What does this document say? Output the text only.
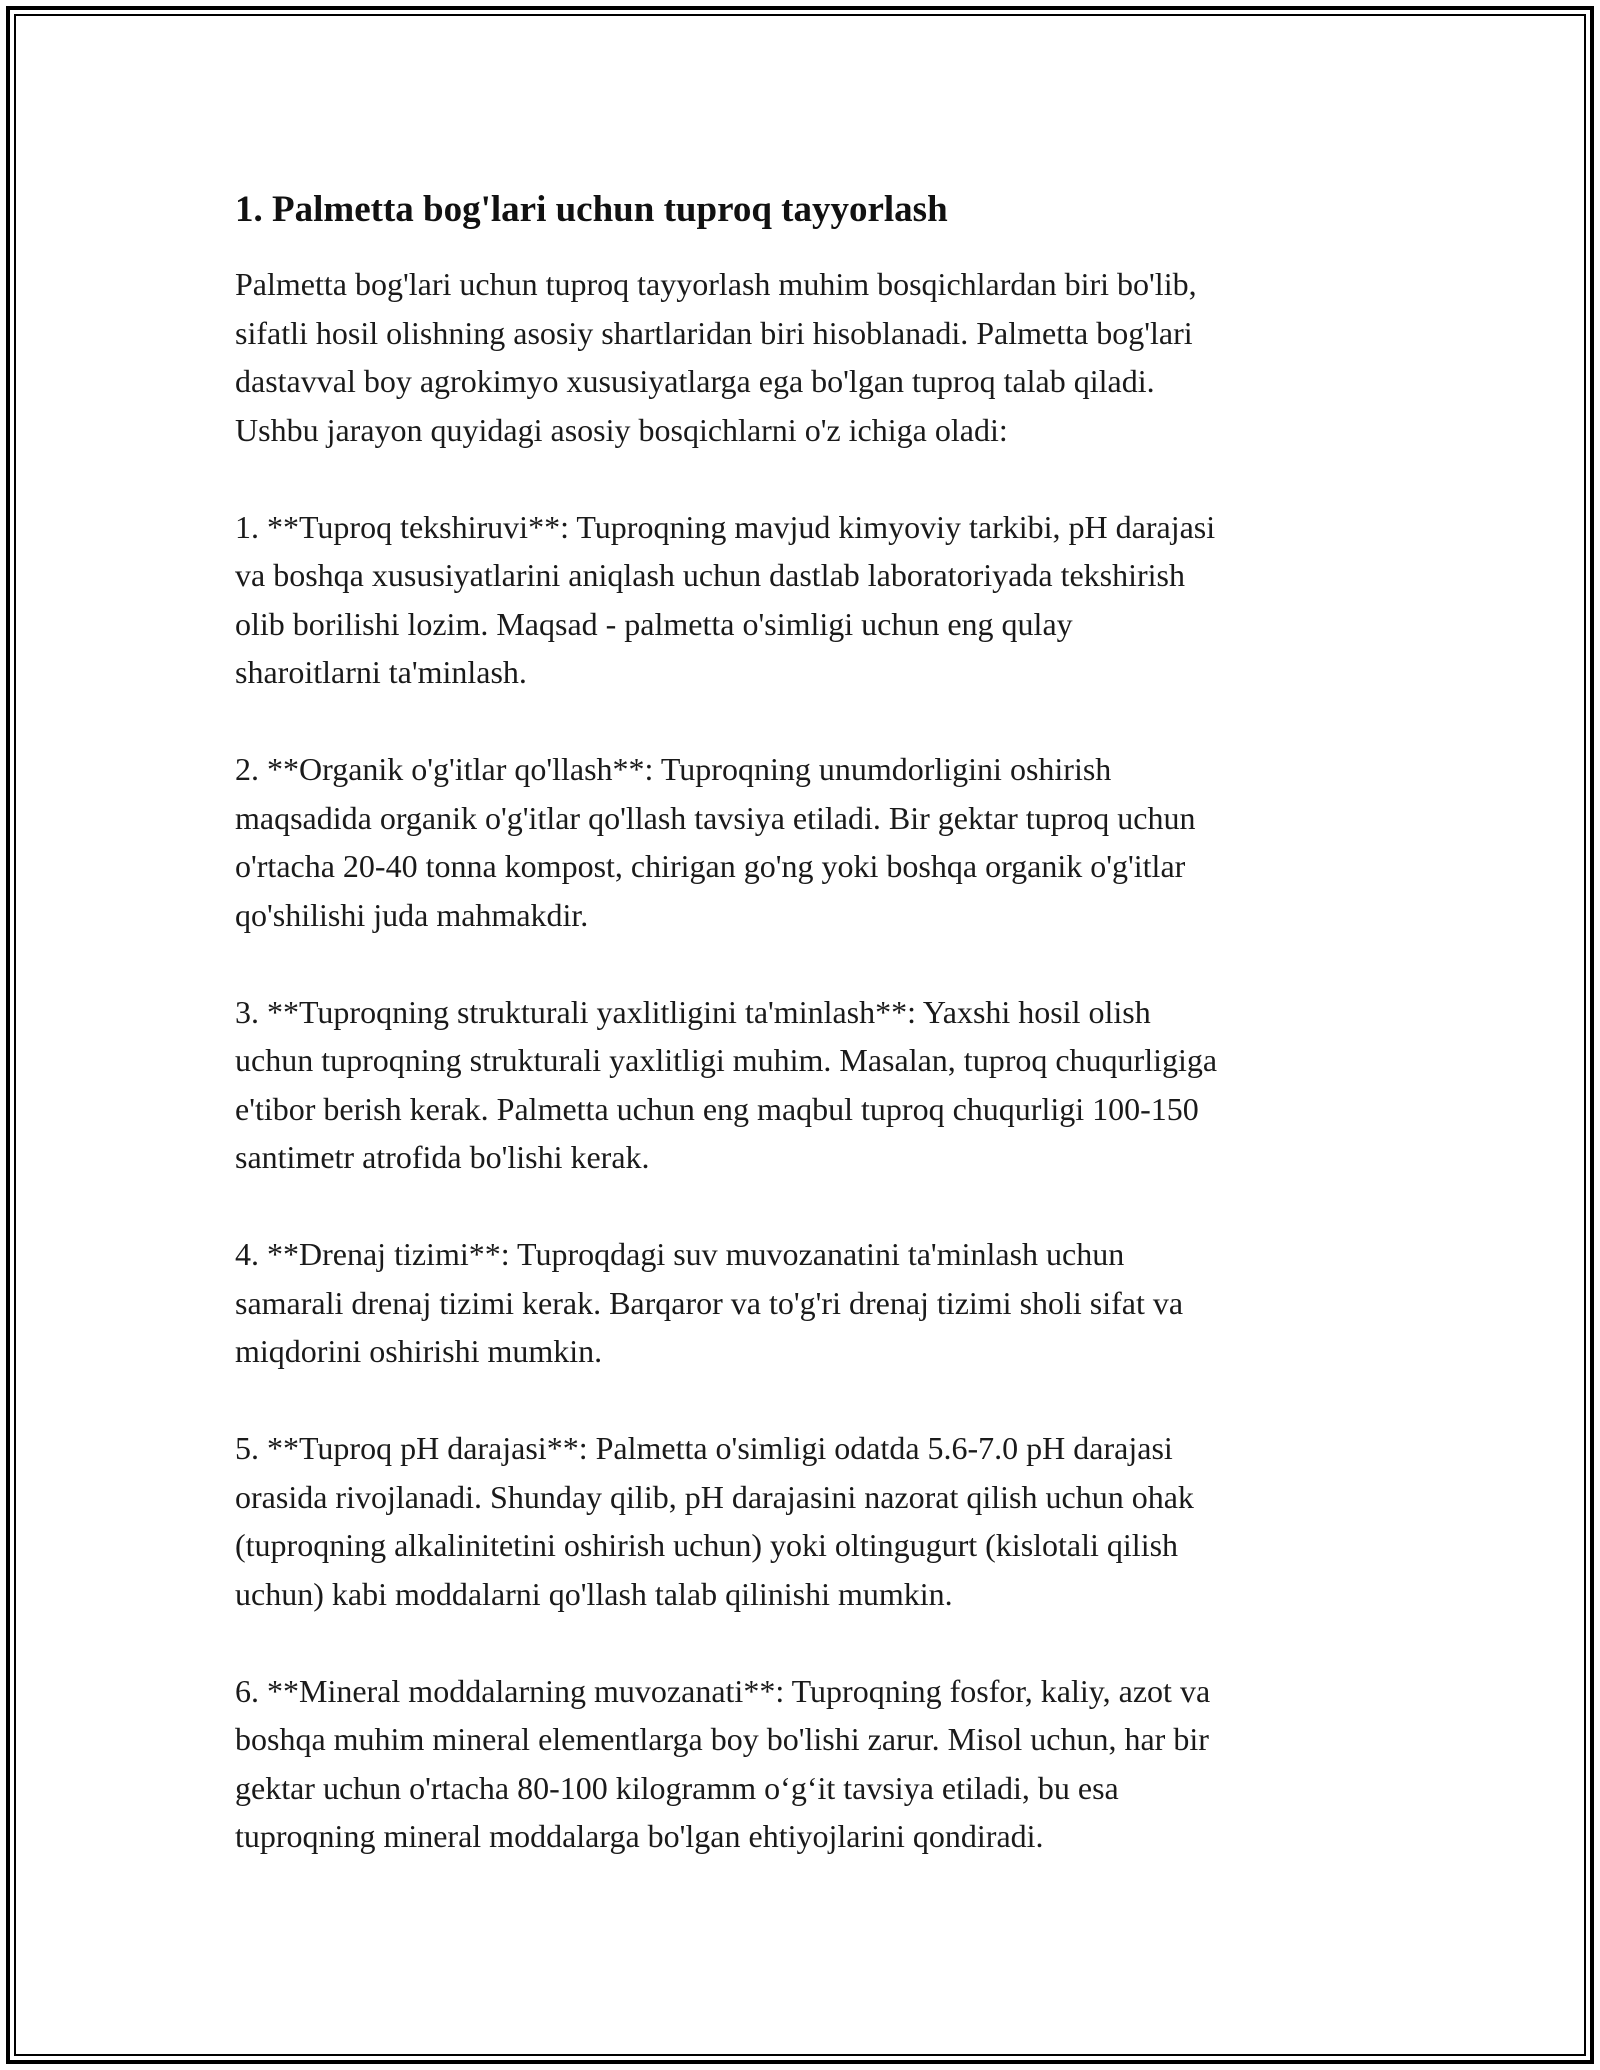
1. Palmetta bog'lari uchun tuproq tayyorlash

Palmetta bog'lari uchun tuproq tayyorlash muhim bosqichlardan biri bo'lib,
sifatli hosil olishning asosiy shartlaridan biri hisoblanadi. Palmetta bog'lari
dastavval boy agrokimyo xususiyatlarga ega bo'lgan tuproq talab qiladi.
Ushbu jarayon quyidagi asosiy bosqichlarni o'z ichiga oladi:

1. **Tuproq tekshiruvi**: Tuproqning mavjud kimyoviy tarkibi, pH darajasi
va boshqa xususiyatlarini aniqlash uchun dastlab laboratoriyada tekshirish
olib borilishi lozim. Maqsad - palmetta o'simligi uchun eng qulay
sharoitlarni ta'minlash.

2. **Organik o'g'itlar qo'llash**: Tuproqning unumdorligini oshirish
maqsadida organik o'g'itlar qo'llash tavsiya etiladi. Bir gektar tuproq uchun
o'rtacha 20-40 tonna kompost, chirigan go'ng yoki boshqa organik o'g'itlar
qo'shilishi juda mahmakdir.

3. **Tuproqning strukturali yaxlitligini ta'minlash**: Yaxshi hosil olish
uchun tuproqning strukturali yaxlitligi muhim. Masalan, tuproq chuqurligiga
e'tibor berish kerak. Palmetta uchun eng maqbul tuproq chuqurligi 100-150
santimetr atrofida bo'lishi kerak.

4. **Drenaj tizimi**: Tuproqdagi suv muvozanatini ta'minlash uchun
samarali drenaj tizimi kerak. Barqaror va to'g'ri drenaj tizimi sholi sifat va
miqdorini oshirishi mumkin.

5. **Tuproq pH darajasi**: Palmetta o'simligi odatda 5.6-7.0 pH darajasi
orasida rivojlanadi. Shunday qilib, pH darajasini nazorat qilish uchun ohak
(tuproqning alkalinitetini oshirish uchun) yoki oltingugurt (kislotali qilish
uchun) kabi moddalarni qo'llash talab qilinishi mumkin.

6. **Mineral moddalarning muvozanati**: Tuproqning fosfor, kaliy, azot va
boshqa muhim mineral elementlarga boy bo'lishi zarur. Misol uchun, har bir
gektar uchun o'rtacha 80-100 kilogramm o‘g‘it tavsiya etiladi, bu esa
tuproqning mineral moddalarga bo'lgan ehtiyojlarini qondiradi.
